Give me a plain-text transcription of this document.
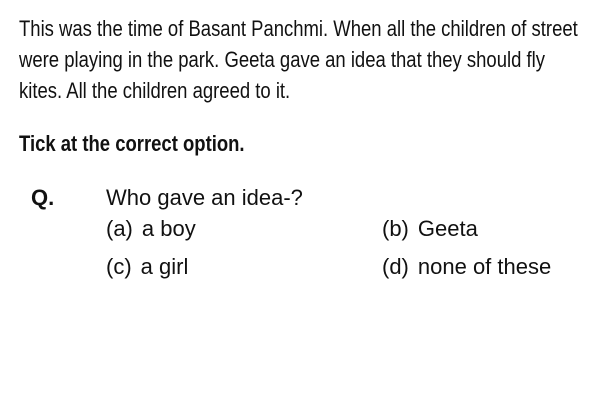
This was the time of Basant Panchmi. When all the children of street
were playing in the park. Geeta gave an idea that they should fly
kites. All the children agreed to it.
Tick at the correct option.
Q. Who gave an idea-?
(a) a boy	(b) Geeta
(c) a girl	(d) none of these
